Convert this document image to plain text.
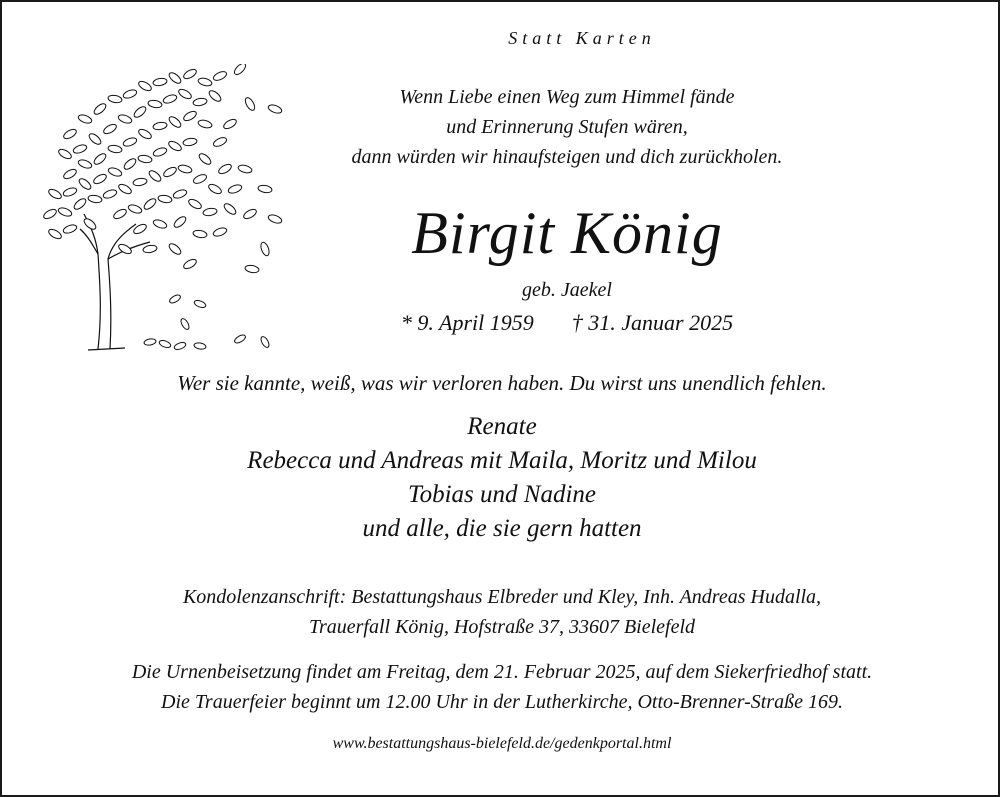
Statt Karten
Wenn Liebe einen Weg zum Himmel fände
und Erinnerung Stufen wären,
dann würden wir hinaufsteigen und dich zurückholen.
Birgit König
geb. Jaekel
* 9. April 1959 † 31. Januar 2025
Wer sie kannte, weiß, was wir verloren haben. Du wirst uns unendlich fehlen.
Renate
Rebecca und Andreas mit Maila, Moritz und Milou
Tobias und Nadine
und alle, die sie gern hatten
Kondolenzanschrift: Bestattungshaus Elbreder und Kley, Inh. Andreas Hudalla,
Trauerfall König, Hofstraße 37, 33607 Bielefeld
Die Urnenbeisetzung findet am Freitag, dem 21. Februar 2025, auf dem Siekerfriedhof statt.
Die Trauerfeier beginnt um 12.00 Uhr in der Lutherkirche, Otto-Brenner-Straße 169.
www.bestattungshaus-bielefeld.de/gedenkportal.html
